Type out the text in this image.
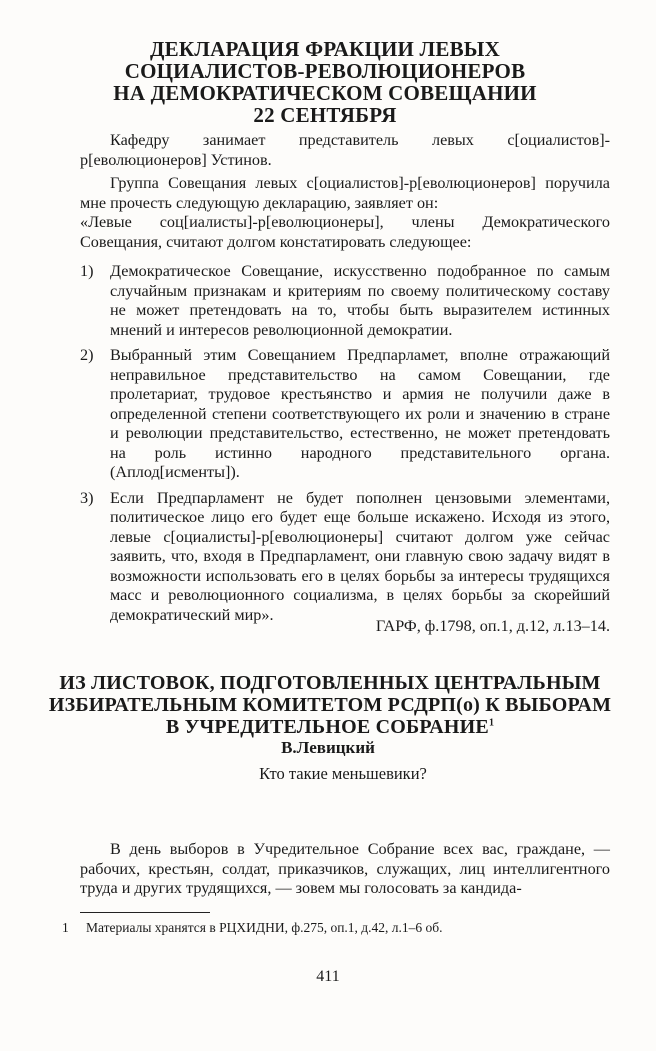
ДЕКЛАРАЦИЯ ФРАКЦИИ ЛЕВЫХ
СОЦИАЛИСТОВ-РЕВОЛЮЦИОНЕРОВ
НА ДЕМОКРАТИЧЕСКОМ СОВЕЩАНИИ
22 СЕНТЯБРЯ

Кафедру занимает представитель левых с[оциалистов]-р[еволюционеров] Устинов.

Группа Совещания левых с[оциалистов]-р[еволюционеров] поручила мне прочесть следующую декларацию, заявляет он:

«Левые соц[иалисты]-р[еволюционеры], члены Демократического Совещания, считают долгом констатировать следующее:

1) Демократическое Совещание, искусственно подобранное по самым случайным признакам и критериям по своему политическому составу не может претендовать на то, чтобы быть выразителем истинных мнений и интересов революционной демократии.
2) Выбранный этим Совещанием Предпарламет, вполне отражающий неправильное представительство на самом Совещании, где пролетариат, трудовое крестьянство и армия не получили даже в определенной степени соответствующего их роли и значению в стране и революции представительство, естественно, не может претендовать на роль истинно народного представительного органа. (Аплод[исменты]).
3) Если Предпарламент не будет пополнен цензовыми элементами, политическое лицо его будет еще больше искажено. Исходя из этого, левые с[оциалисты]-р[еволюционеры] считают долгом уже сейчас заявить, что, входя в Предпарламент, они главную свою задачу видят в возможности использовать его в целях борьбы за интересы трудящихся масс и революционного социализма, в целях борьбы за скорейший демократический мир».
ГАРФ, ф.1798, оп.1, д.12, л.13–14.
ИЗ ЛИСТОВОК, ПОДГОТОВЛЕННЫХ ЦЕНТРАЛЬНЫМ
ИЗБИРАТЕЛЬНЫМ КОМИТЕТОМ РСДРП(о) К ВЫБОРАМ
В УЧРЕДИТЕЛЬНОЕ СОБРАНИЕ$^1$
В.Левицкий
Кто такие меньшевики?

В день выборов в Учредительное Собрание всех вас, граждане, — рабочих, крестьян, солдат, приказчиков, служащих, лиц интеллигентного труда и других трудящихся, — зовем мы голосовать за кандида-

1 Материалы хранятся в РЦХИДНИ, ф.275, оп.1, д.42, л.1–6 об.
411
